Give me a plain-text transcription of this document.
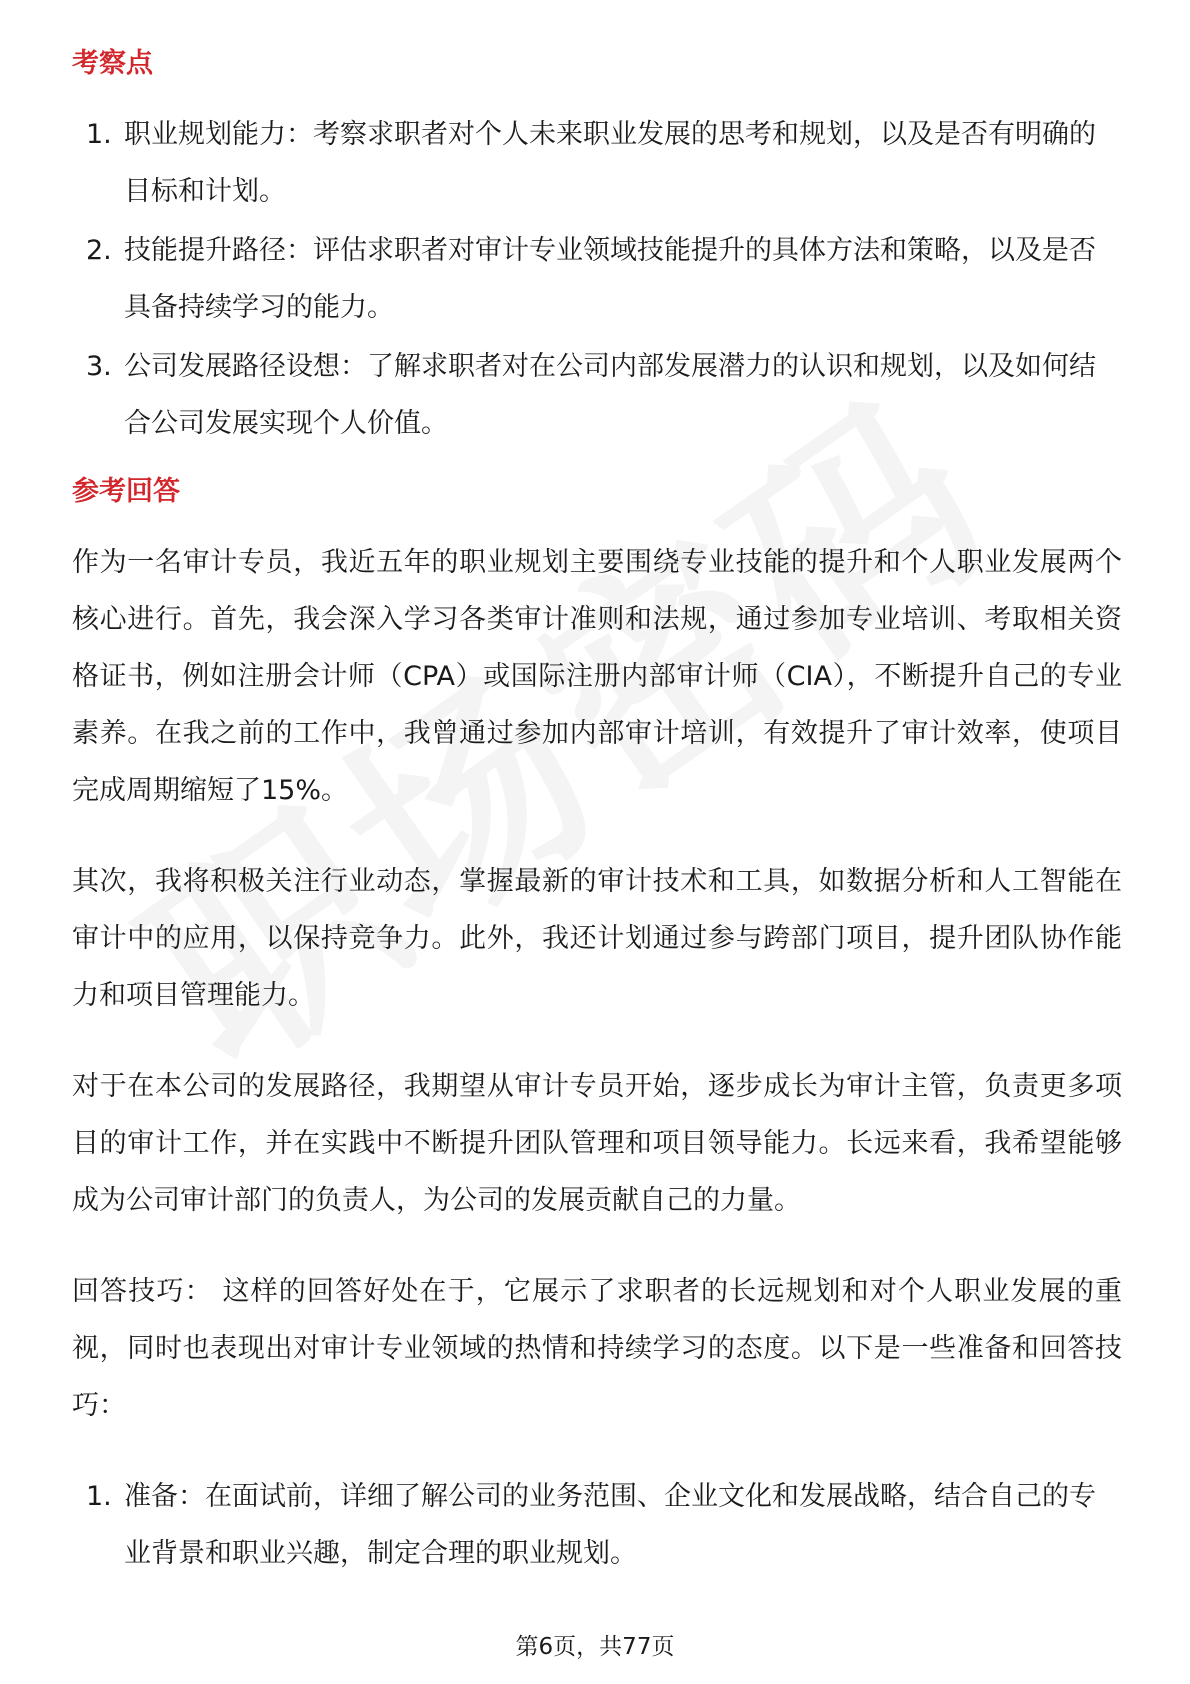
考察点
1. 职业规划能力：考察求职者对个人未来职业发展的思考和规划，以及是否有明确的目标和计划。
2. 技能提升路径：评估求职者对审计专业领域技能提升的具体方法和策略，以及是否具备持续学习的能力。
3. 公司发展路径设想：了解求职者对在公司内部发展潜力的认识和规划，以及如何结合公司发展实现个人价值。
参考回答

作为一名审计专员，我近五年的职业规划主要围绕专业技能的提升和个人职业发展两个核心进行。首先，我会深入学习各类审计准则和法规，通过参加专业培训、考取相关资格证书，例如注册会计师（CPA）或国际注册内部审计师（CIA），不断提升自己的专业素养。在我之前的工作中，我曾通过参加内部审计培训，有效提升了审计效率，使项目完成周期缩短了15%。

其次，我将积极关注行业动态，掌握最新的审计技术和工具，如数据分析和人工智能在审计中的应用，以保持竞争力。此外，我还计划通过参与跨部门项目，提升团队协作能力和项目管理能力。

对于在本公司的发展路径，我期望从审计专员开始，逐步成长为审计主管，负责更多项目的审计工作，并在实践中不断提升团队管理和项目领导能力。长远来看，我希望能够成为公司审计部门的负责人，为公司的发展贡献自己的力量。

回答技巧： 这样的回答好处在于，它展示了求职者的长远规划和对个人职业发展的重视，同时也表现出对审计专业领域的热情和持续学习的态度。以下是一些准备和回答技巧：

1. 准备：在面试前，详细了解公司的业务范围、企业文化和发展战略，结合自己的专业背景和职业兴趣，制定合理的职业规划。
第6页，共77页
